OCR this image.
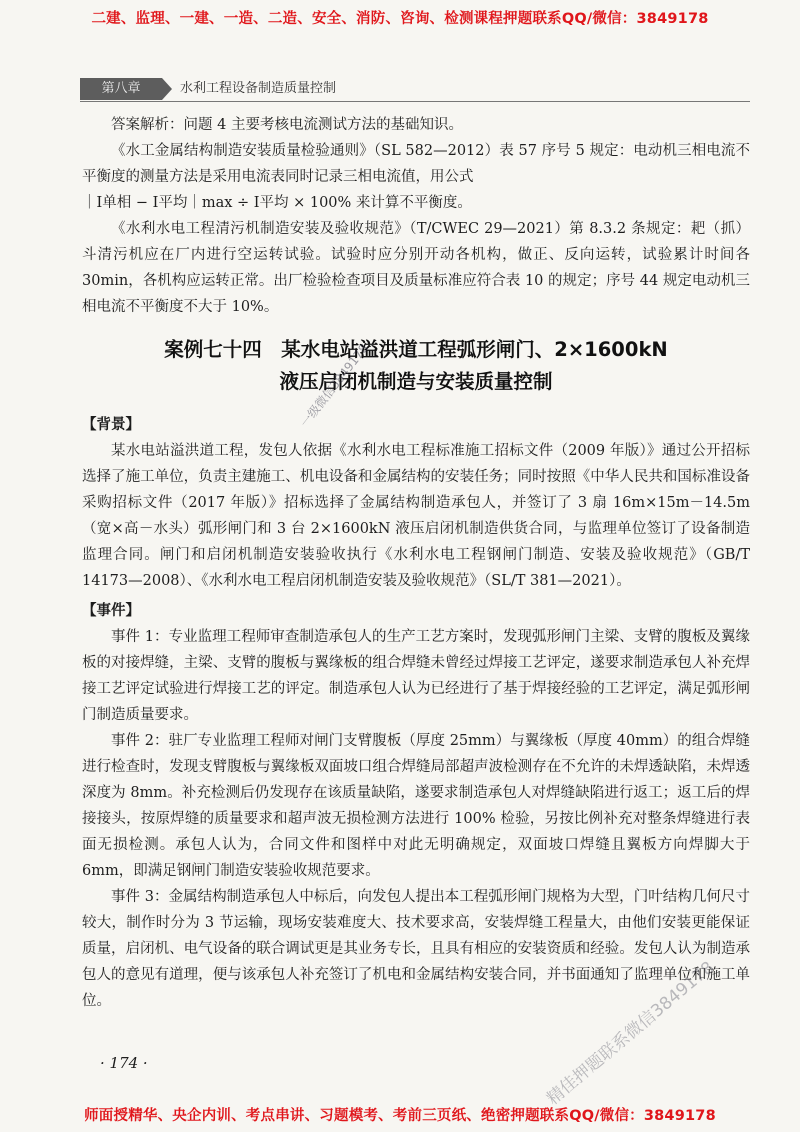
二建、监理、一建、一造、二造、安全、消防、咨询、检测课程押题联系QQ/微信：3849178
第八章	水利工程设备制造质量控制

答案解析：问题 4 主要考核电流测试方法的基础知识。

《水工金属结构制造安装质量检验通则》（SL 582—2012）表 57 序号 5 规定：电动机三相电流不平衡度的测量方法是采用电流表同时记录三相电流值，用公式

｜I单相 − I平均｜max ÷ I平均 × 100% 来计算不平衡度。

《水利水电工程清污机制造安装及验收规范》（T/CWEC 29—2021）第 8.3.2 条规定：耙（抓）斗清污机应在厂内进行空运转试验。试验时应分别开动各机构，做正、反向运转，试验累计时间各 30min，各机构应运转正常。出厂检验检查项目及质量标准应符合表 10 的规定；序号 44 规定电动机三相电流不平衡度不大于 10%。

案例七十四　某水电站溢洪道工程弧形闸门、2×1600kN
液压启闭机制造与安装质量控制
【背景】

某水电站溢洪道工程，发包人依据《水利水电工程标准施工招标文件（2009 年版）》通过公开招标选择了施工单位，负责主建施工、机电设备和金属结构的安装任务；同时按照《中华人民共和国标准设备采购招标文件（2017 年版）》招标选择了金属结构制造承包人，并签订了 3 扇 16m×15m－14.5m（宽×高－水头）弧形闸门和 3 台 2×1600kN 液压启闭机制造供货合同，与监理单位签订了设备制造监理合同。闸门和启闭机制造安装验收执行《水利水电工程钢闸门制造、安装及验收规范》（GB/T 14173—2008）、《水利水电工程启闭机制造安装及验收规范》（SL/T 381—2021）。

【事件】

事件 1：专业监理工程师审查制造承包人的生产工艺方案时，发现弧形闸门主梁、支臂的腹板及翼缘板的对接焊缝，主梁、支臂的腹板与翼缘板的组合焊缝未曾经过焊接工艺评定，遂要求制造承包人补充焊接工艺评定试验进行焊接工艺的评定。制造承包人认为已经进行了基于焊接经验的工艺评定，满足弧形闸门制造质量要求。

事件 2：驻厂专业监理工程师对闸门支臂腹板（厚度 25mm）与翼缘板（厚度 40mm）的组合焊缝进行检查时，发现支臂腹板与翼缘板双面坡口组合焊缝局部超声波检测存在不允许的未焊透缺陷，未焊透深度为 8mm。补充检测后仍发现存在该质量缺陷，遂要求制造承包人对焊缝缺陷进行返工；返工后的焊接接头，按原焊缝的质量要求和超声波无损检测方法进行 100% 检验，另按比例补充对整条焊缝进行表面无损检测。承包人认为，合同文件和图样中对此无明确规定，双面坡口焊缝且翼板方向焊脚大于 6mm，即满足钢闸门制造安装验收规范要求。

事件 3：金属结构制造承包人中标后，向发包人提出本工程弧形闸门规格为大型，门叶结构几何尺寸较大，制作时分为 3 节运输，现场安装难度大、技术要求高，安装焊缝工程量大，由他们安装更能保证质量，启闭机、电气设备的联合调试更是其业务专长，且具有相应的安装资质和经验。发包人认为制造承包人的意见有道理，便与该承包人补充签订了机电和金属结构安装合同，并书面通知了监理单位和施工单位。

· 174 ·
一级微信3849178
精佳押题联系微信3849178
师面授精华、央企内训、考点串讲、习题模考、考前三页纸、绝密押题联系QQ/微信：3849178
